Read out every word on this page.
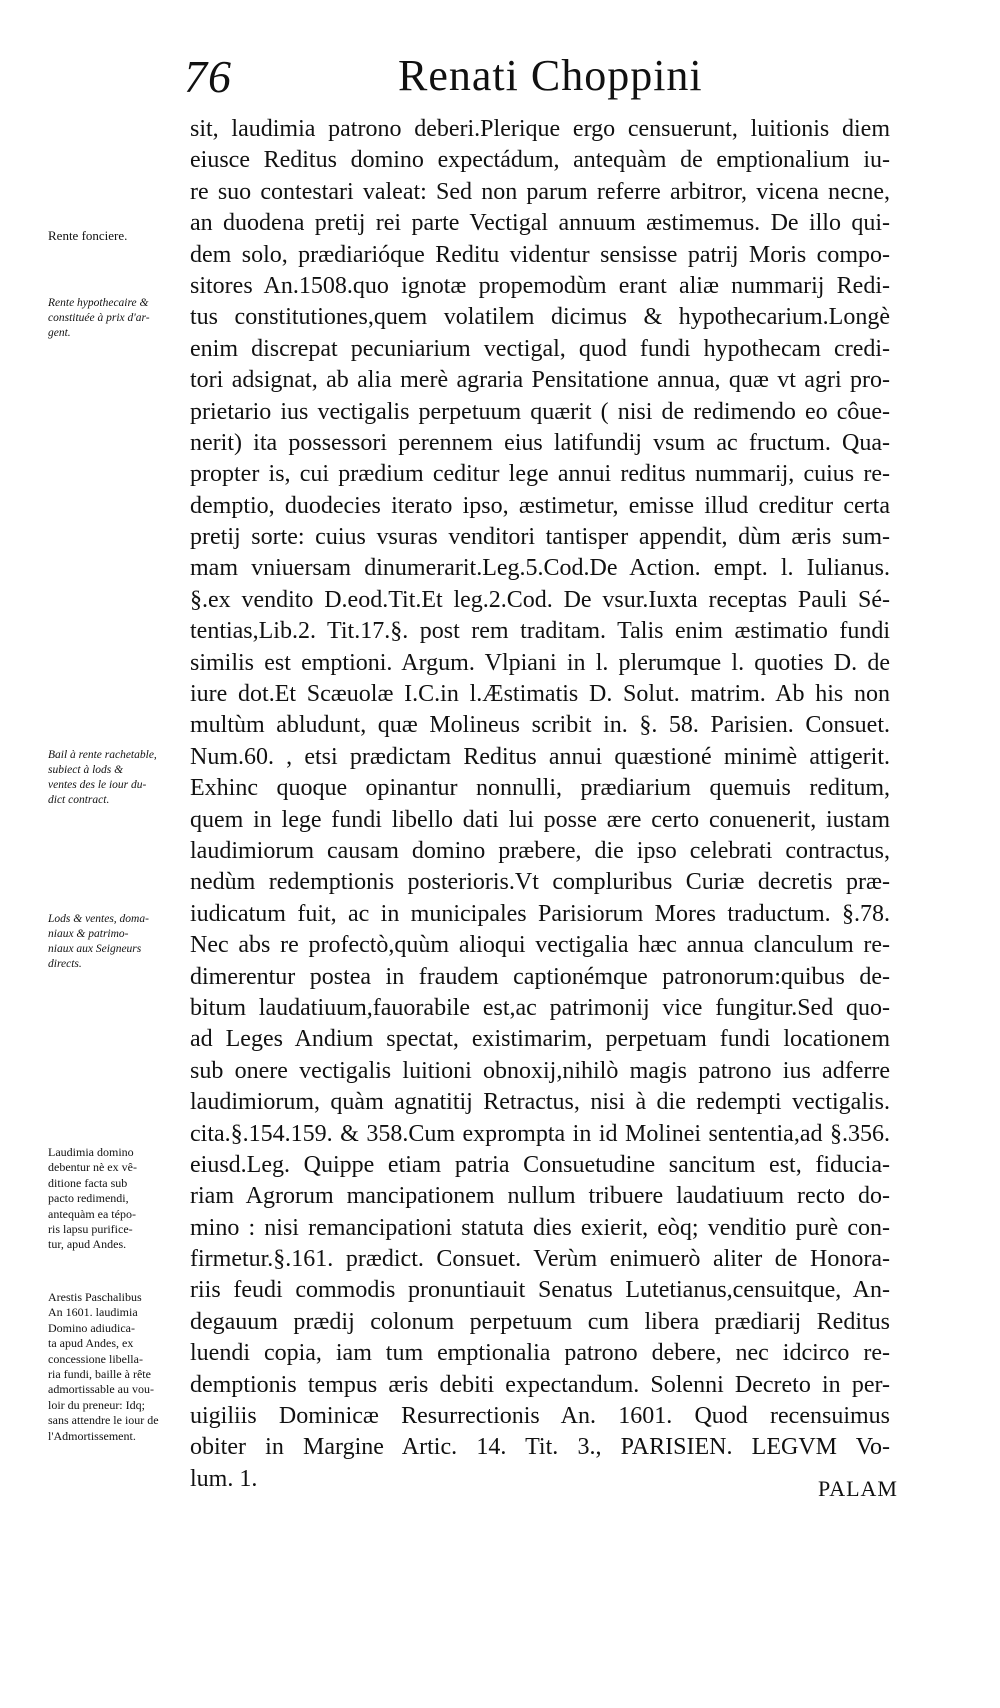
76	Renati Choppini
Rente fonciere.
Rente hypothecaire &
constituée à prix d'ar-
gent.
Bail à rente rachetable,
subiect à lods &
ventes des le iour du-
dict contract.
Lods & ventes, doma-
niaux & patrimo-
niaux aux Seigneurs
directs.
Laudimia domino
debentur nè ex vê-
ditione facta sub
pacto redimendi,
antequàm ea tépo-
ris lapsu purifice-
tur, apud Andes.
Arestis Paschalibus
An 1601. laudimia
Domino adiudica-
ta apud Andes, ex
concessione libella-
ria fundi, baille à rête
admortissable au vou-
loir du preneur: Idq;
sans attendre le iour de
l'Admortissement.
sit, laudimia patrono deberi.Plerique ergo censuerunt, luitionis diem
eiusce Reditus domino expectádum, antequàm de emptionalium iu-
re suo contestari valeat: Sed non parum referre arbitror, vicena necne,
an duodena pretij rei parte Vectigal annuum æstimemus. De illo qui-
dem solo, prædiarióque Reditu videntur sensisse patrij Moris compo-
sitores An.1508.quo ignotæ propemodùm erant aliæ nummarij Redi-
tus constitutiones,quem volatilem dicimus & hypothecarium.Longè
enim discrepat pecuniarium vectigal, quod fundi hypothecam credi-
tori adsignat, ab alia merè agraria Pensitatione annua, quæ vt agri pro-
prietario ius vectigalis perpetuum quærit ( nisi de redimendo eo côue-
nerit) ita possessori perennem eius latifundij vsum ac fructum. Qua-
propter is, cui prædium ceditur lege annui reditus nummarij, cuius re-
demptio, duodecies iterato ipso, æstimetur, emisse illud creditur certa
pretij sorte: cuius vsuras venditori tantisper appendit, dùm æris sum-
mam vniuersam dinumerarit.Leg.5.Cod.De Action. empt. l. Iulianus.
§.ex vendito D.eod.Tit.Et leg.2.Cod. De vsur.Iuxta receptas Pauli Sé-
tentias,Lib.2. Tit.17.§. post rem traditam. Talis enim æstimatio fundi
similis est emptioni. Argum. Vlpiani in l. plerumque l. quoties D. de
iure dot.Et Scæuolæ I.C.in l.Æstimatis D. Solut. matrim. Ab his non
multùm abludunt, quæ Molineus scribit in. §. 58. Parisien. Consuet.
Num.60. , etsi prædictam Reditus annui quæstioné minimè attigerit.
Exhinc quoque opinantur nonnulli, prædiarium quemuis reditum,
quem in lege fundi libello dati lui posse ære certo conuenerit, iustam
laudimiorum causam domino præbere, die ipso celebrati contractus,
nedùm redemptionis posterioris.Vt compluribus Curiæ decretis præ-
iudicatum fuit, ac in municipales Parisiorum Mores traductum. §.78.
Nec abs re profectò,quùm alioqui vectigalia hæc annua clanculum re-
dimerentur postea in fraudem captionémque patronorum:quibus de-
bitum laudatiuum,fauorabile est,ac patrimonij vice fungitur.Sed quo-
ad Leges Andium spectat, existimarim, perpetuam fundi locationem
sub onere vectigalis luitioni obnoxij,nihilò magis patrono ius adferre
laudimiorum, quàm agnatitij Retractus, nisi à die redempti vectigalis.
cita.§.154.159. & 358.Cum exprompta in id Molinei sententia,ad §.356.
eiusd.Leg. Quippe etiam patria Consuetudine sancitum est, fiducia-
riam Agrorum mancipationem nullum tribuere laudatiuum recto do-
mino : nisi remancipationi statuta dies exierit, eòq; venditio purè con-
firmetur.§.161. prædict. Consuet. Verùm enimuerò aliter de Honora-
riis feudi commodis pronuntiauit Senatus Lutetianus,censuitque, An-
degauum prædij colonum perpetuum cum libera prædiarij Reditus
luendi copia, iam tum emptionalia patrono debere, nec idcirco re-
demptionis tempus æris debiti expectandum. Solenni Decreto in per-
uigiliis Dominicæ Resurrectionis An. 1601. Quod recensuimus
obiter in Margine Artic. 14. Tit. 3., PARISIEN. LEGVM Vo-
lum. 1.	PALAM
